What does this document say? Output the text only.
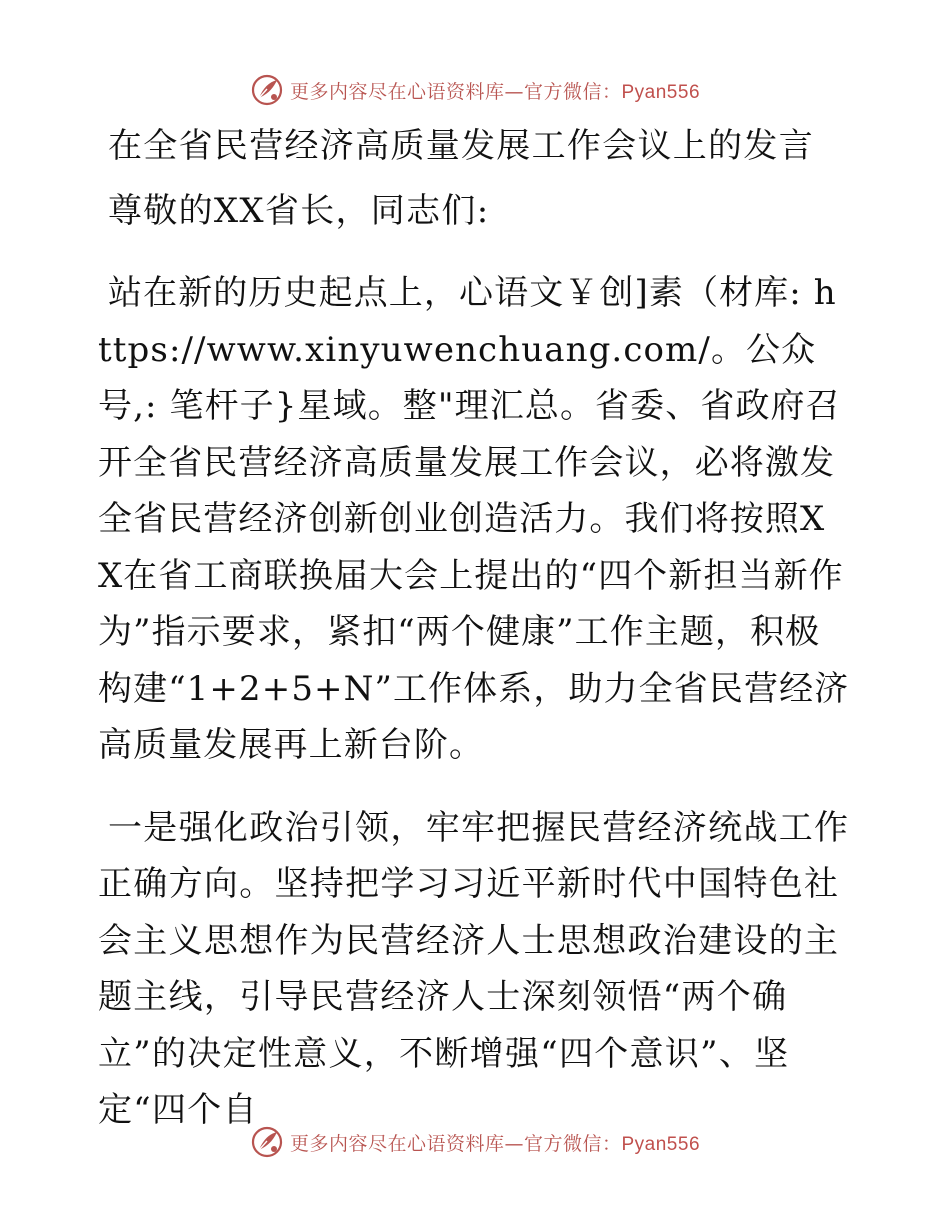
更多内容尽在心语资料库—官方微信：Pyan556

在全省民营经济高质量发展工作会议上的发言

尊敬的XX省长，同志们:

站在新的历史起点上，心语文￥创]素（材库: https://www.xinyuwenchuang.com/。公众号,: 笔杆子}星域。整"理汇总。省委、省政府召开全省民营经济高质量发展工作会议，必将激发全省民营经济创新创业创造活力。我们将按照XX在省工商联换届大会上提出的“四个新担当新作为”指示要求，紧扣“两个健康”工作主题，积极构建“1+2+5+N”工作体系，助力全省民营经济高质量发展再上新台阶。

一是强化政治引领，牢牢把握民营经济统战工作正确方向。坚持把学习习近平新时代中国特色社会主义思想作为民营经济人士思想政治建设的主题主线，引导民营经济人士深刻领悟“两个确立”的决定性意义，不断增强“四个意识”、坚定“四个自

更多内容尽在心语资料库—官方微信：Pyan556
